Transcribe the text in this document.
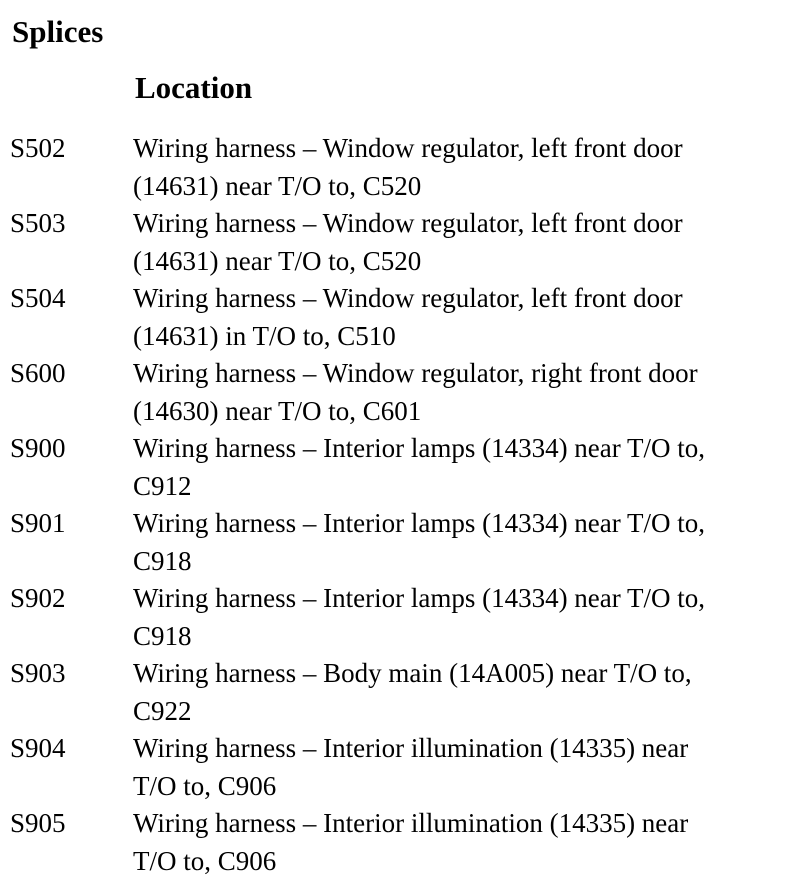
Splices
Location
S502	Wiring harness – Window regulator, left front door
(14631) near T/O to, C520
S503	Wiring harness – Window regulator, left front door
(14631) near T/O to, C520
S504	Wiring harness – Window regulator, left front door
(14631) in T/O to, C510
S600	Wiring harness – Window regulator, right front door
(14630) near T/O to, C601
S900	Wiring harness – Interior lamps (14334) near T/O to,
C912
S901	Wiring harness – Interior lamps (14334) near T/O to,
C918
S902	Wiring harness – Interior lamps (14334) near T/O to,
C918
S903	Wiring harness – Body main (14A005) near T/O to,
C922
S904	Wiring harness – Interior illumination (14335) near
T/O to, C906
S905	Wiring harness – Interior illumination (14335) near
T/O to, C906
